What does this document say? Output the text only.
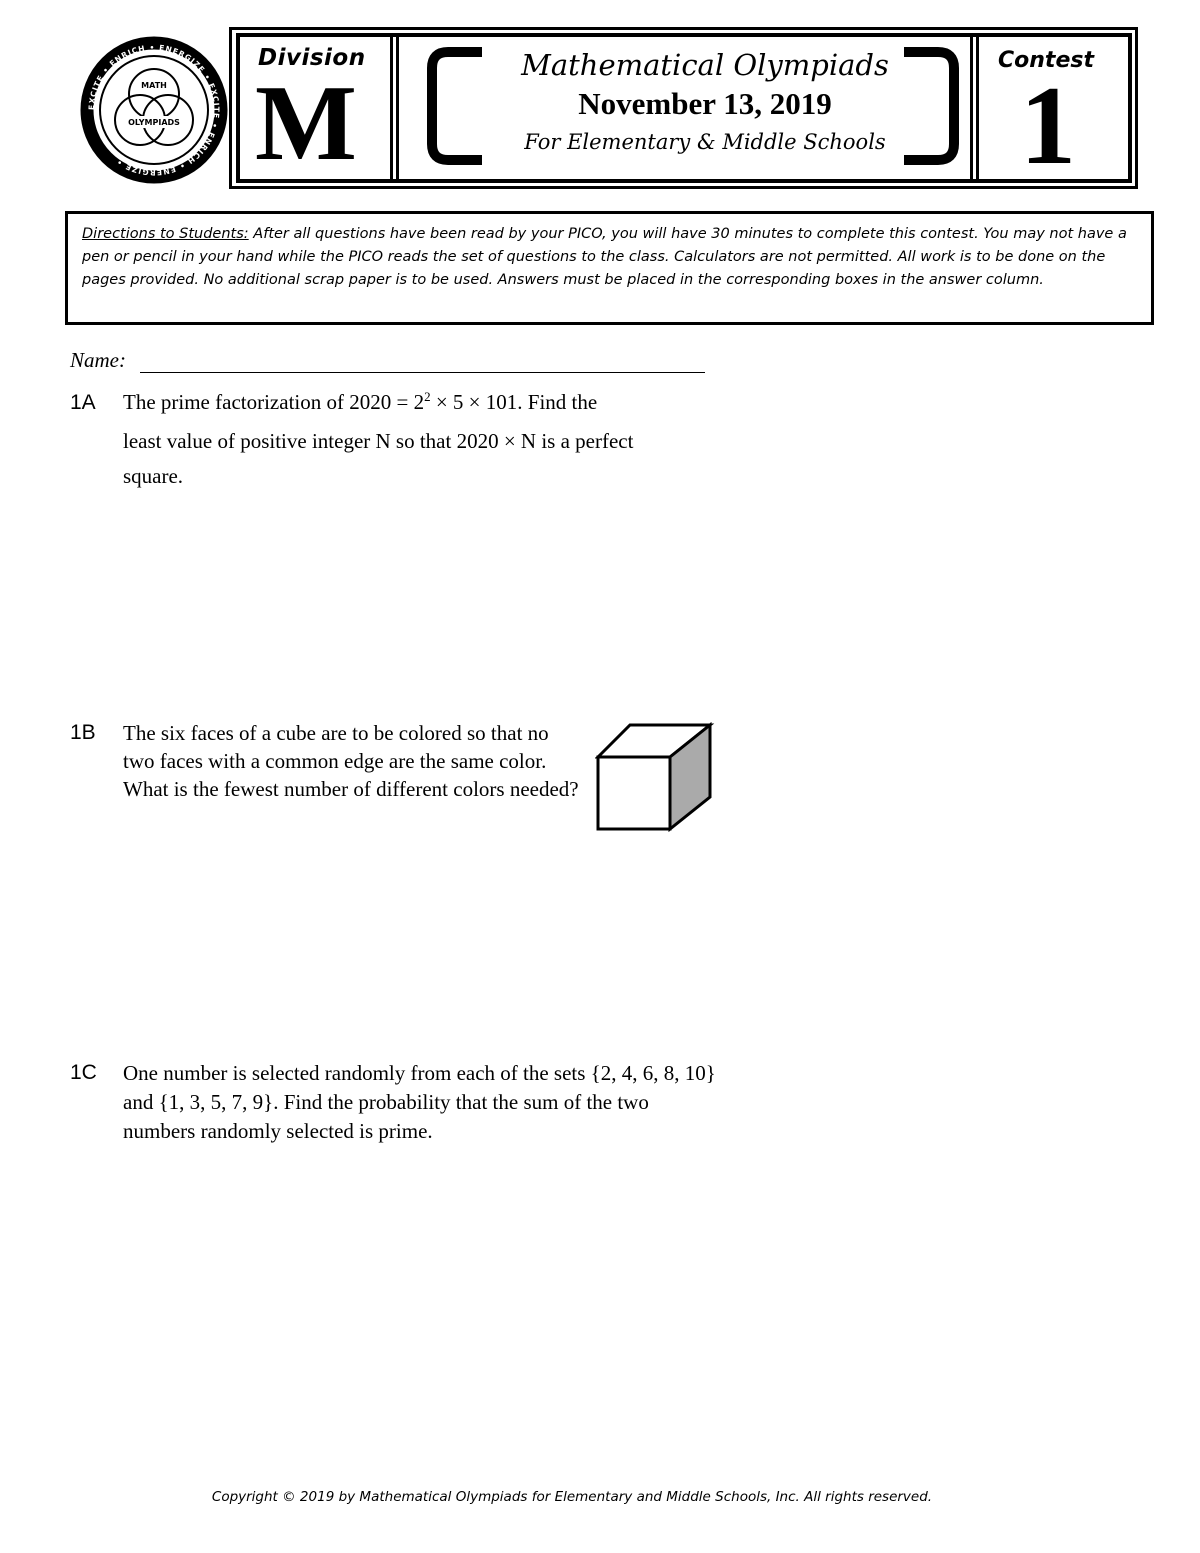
EXCITE • ENRICH • ENERGIZE • EXCITE • ENRICH • ENERGIZE •
MATH
OLYMPIADS
Division
M	Mathematical Olympiads
November 13, 2019
For Elementary & Middle Schools
Contest
1
Directions to Students: After all questions have been read by your PICO, you will have 30 minutes to complete this contest. You may not have a pen or pencil in your hand while the PICO reads the set of questions to the class. Calculators are not permitted. All work is to be done on the pages provided. No additional scrap paper is to be used. Answers must be placed in the corresponding boxes in the answer column.
Name:
1A The prime factorization of $2020 = 2^2 \times 5 \times 101$. Find the
least value of positive integer N so that 2020 × N is a perfect
square.
1B The six faces of a cube are to be colored so that no two faces with a common edge are the same color. What is the fewest number of different colors needed?
1C One number is selected randomly from each of the sets {2, 4, 6, 8, 10} and {1, 3, 5, 7, 9}. Find the probability that the sum of the two numbers randomly selected is prime.
Copyright © 2019 by Mathematical Olympiads for Elementary and Middle Schools, Inc. All rights reserved.
